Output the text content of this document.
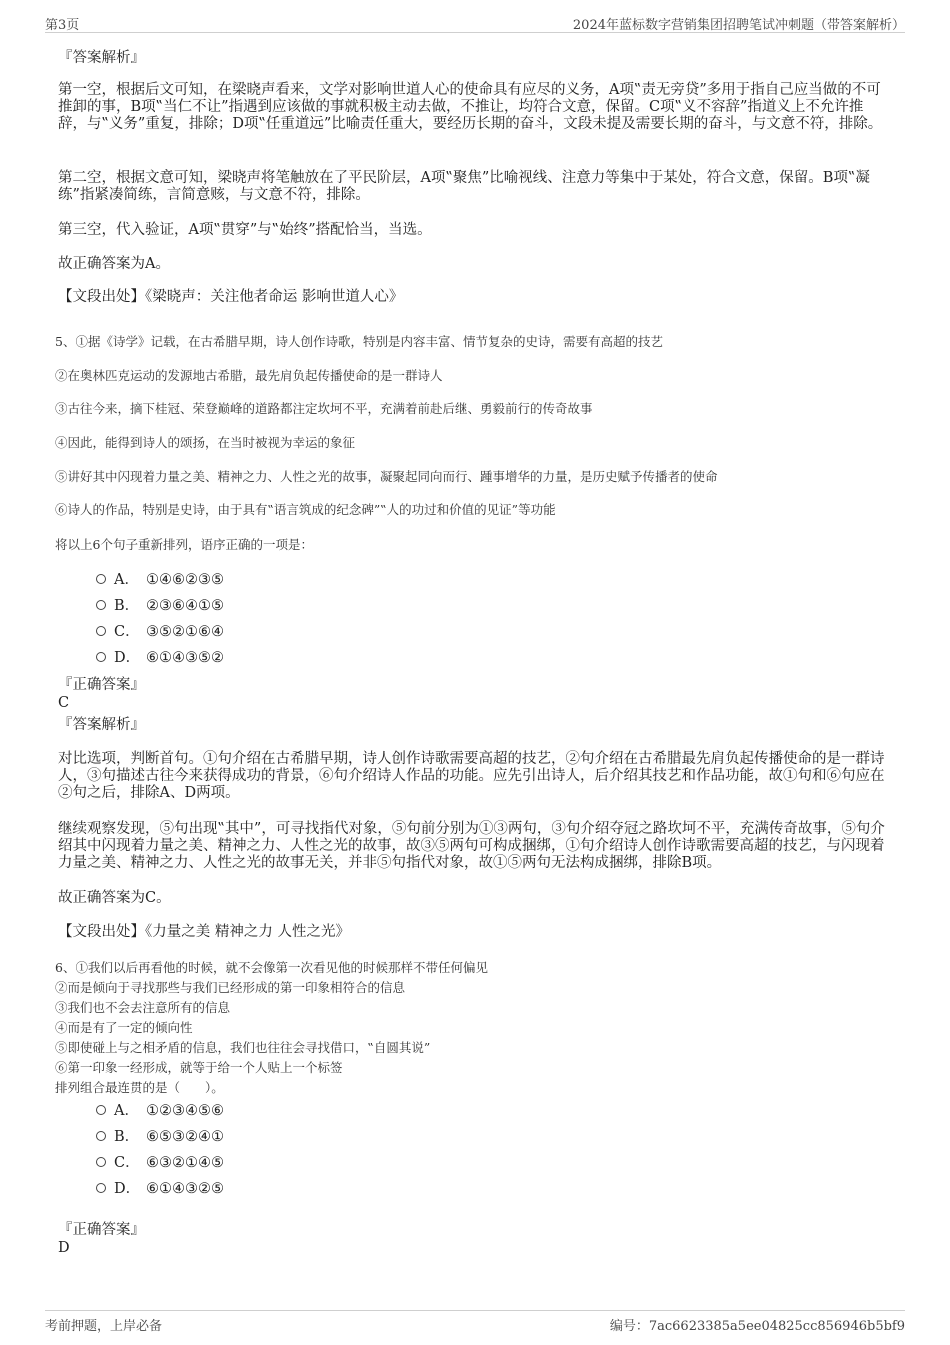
第3页	2024年蓝标数字营销集团招聘笔试冲刺题（带答案解析）
『答案解析』
第一空，根据后文可知，在梁晓声看来，文学对影响世道人心的使命具有应尽的义务，A项‟责无旁贷”多用于指自己应当做的不可推卸的事，B项‟当仁不让”指遇到应该做的事就积极主动去做，不推让，均符合文意，保留。C项‟义不容辞”指道义上不允许推辞，与‟义务”重复，排除；D项‟任重道远”比喻责任重大，要经历长期的奋斗，文段未提及需要长期的奋斗，与文意不符，排除。
第二空，根据文意可知，梁晓声将笔触放在了平民阶层，A项‟聚焦”比喻视线、注意力等集中于某处，符合文意，保留。B项‟凝练”指紧凑简练，言简意赅，与文意不符，排除。
第三空，代入验证，A项‟贯穿”与‟始终”搭配恰当，当选。
故正确答案为A。
【文段出处】《梁晓声：关注他者命运 影响世道人心》
5、①据《诗学》记载，在古希腊早期，诗人创作诗歌，特别是内容丰富、情节复杂的史诗，需要有高超的技艺
②在奥林匹克运动的发源地古希腊，最先肩负起传播使命的是一群诗人
③古往今来，摘下桂冠、荣登巅峰的道路都注定坎坷不平，充满着前赴后继、勇毅前行的传奇故事
④因此，能得到诗人的颂扬，在当时被视为幸运的象征
⑤讲好其中闪现着力量之美、精神之力、人性之光的故事，凝聚起同向而行、踵事增华的力量，是历史赋予传播者的使命
⑥诗人的作品，特别是史诗，由于具有‟语言筑成的纪念碑”‟人的功过和价值的见证”等功能
将以上6个句子重新排列，语序正确的一项是：
A． ①④⑥②③⑤
B． ②③⑥④①⑤
C． ③⑤②①⑥④
D． ⑥①④③⑤②
『正确答案』
C
『答案解析』
对比选项，判断首句。①句介绍在古希腊早期，诗人创作诗歌需要高超的技艺，②句介绍在古希腊最先肩负起传播使命的是一群诗人，③句描述古往今来获得成功的背景，⑥句介绍诗人作品的功能。应先引出诗人，后介绍其技艺和作品功能，故①句和⑥句应在②句之后，排除A、D两项。
继续观察发现，⑤句出现‟其中”，可寻找指代对象，⑤句前分别为①③两句，③句介绍夺冠之路坎坷不平，充满传奇故事，⑤句介绍其中闪现着力量之美、精神之力、人性之光的故事，故③⑤两句可构成捆绑，①句介绍诗人创作诗歌需要高超的技艺，与闪现着力量之美、精神之力、人性之光的故事无关，并非⑤句指代对象，故①⑤两句无法构成捆绑，排除B项。
故正确答案为C。
【文段出处】《力量之美 精神之力 人性之光》
6、①我们以后再看他的时候，就不会像第一次看见他的时候那样不带任何偏见
②而是倾向于寻找那些与我们已经形成的第一印象相符合的信息
③我们也不会去注意所有的信息
④而是有了一定的倾向性
⑤即使碰上与之相矛盾的信息，我们也往往会寻找借口，‟自圆其说”
⑥第一印象一经形成，就等于给一个人贴上一个标签
排列组合最连贯的是（　　）。
A． ①②③④⑤⑥
B． ⑥⑤③②④①
C． ⑥③②①④⑤
D． ⑥①④③②⑤
『正确答案』
D
考前押题，上岸必备	编号：7ac6623385a5ee04825cc856946b5bf9
